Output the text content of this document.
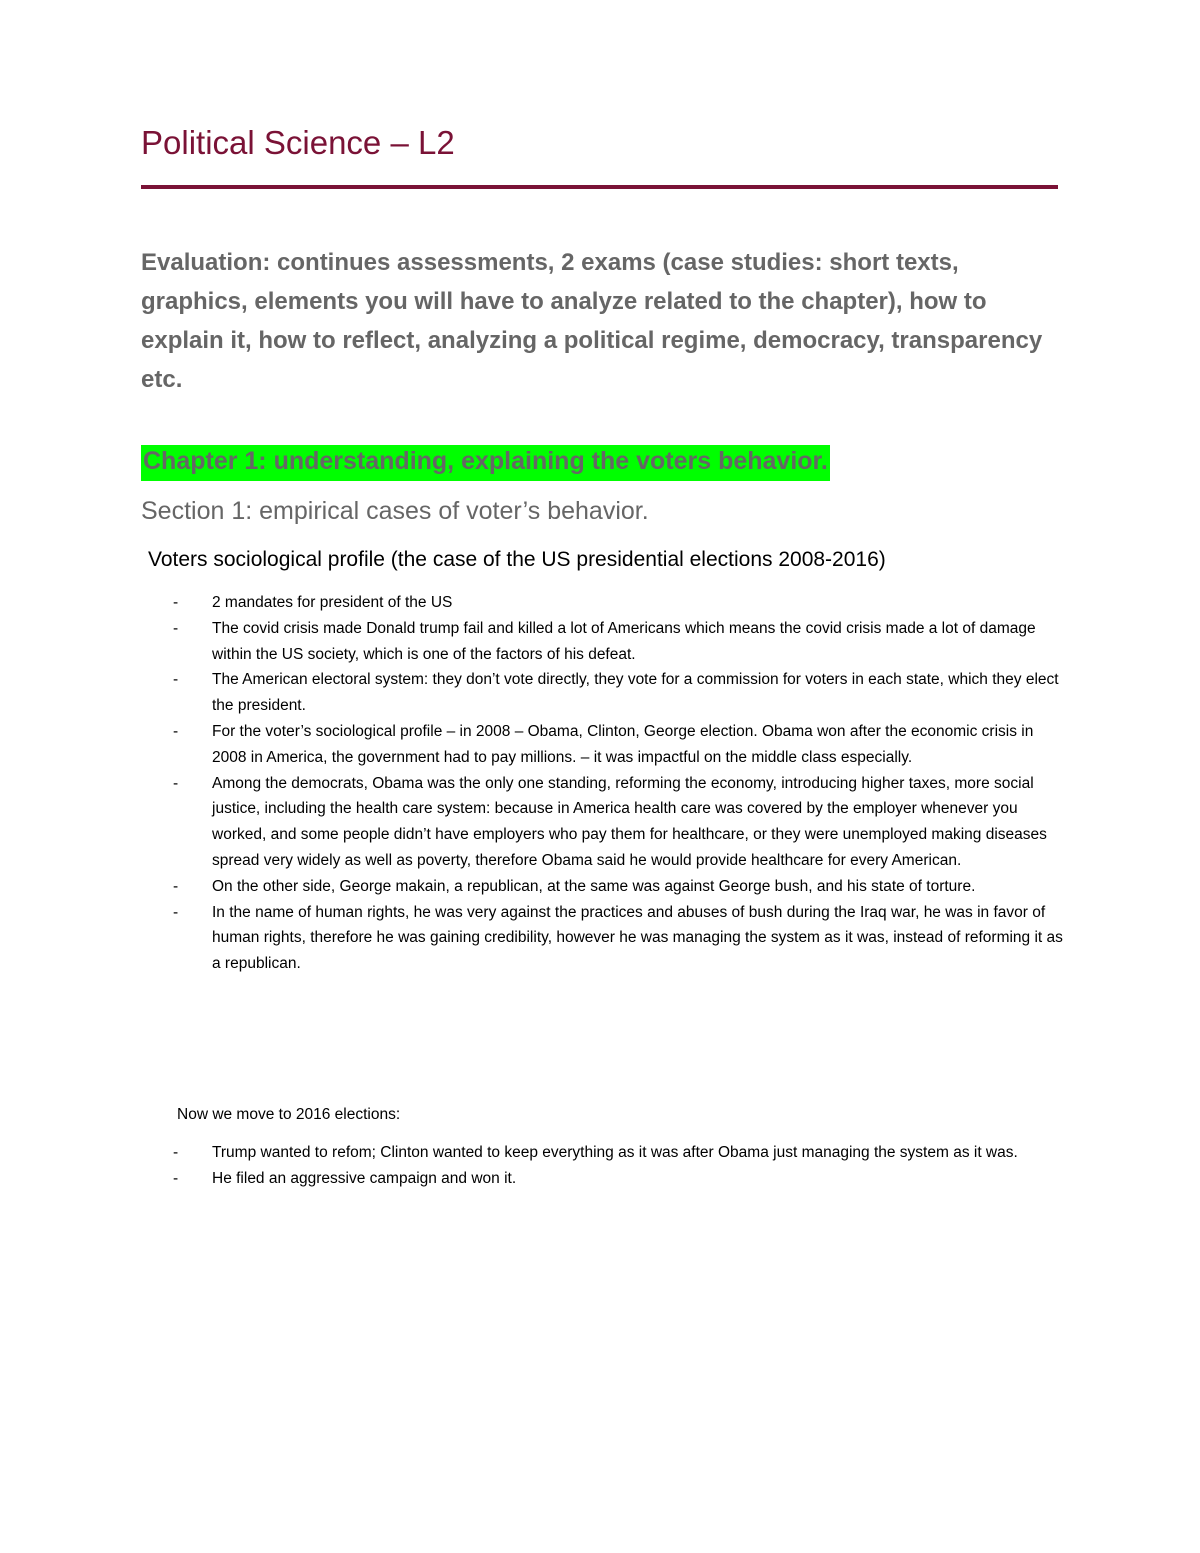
Political Science – L2
Evaluation: continues assessments, 2 exams (case studies: short texts, graphics, elements you will have to analyze related to the chapter), how to explain it, how to reflect, analyzing a political regime, democracy, transparency etc.
Chapter 1: understanding, explaining the voters behavior.
Section 1: empirical cases of voter’s behavior.
Voters sociological profile (the case of the US presidential elections 2008-2016)
- 2 mandates for president of the US
- The covid crisis made Donald trump fail and killed a lot of Americans which means the covid crisis made a lot of damage within the US society, which is one of the factors of his defeat.
- The American electoral system: they don’t vote directly, they vote for a commission for voters in each state, which they elect the president.
- For the voter’s sociological profile – in 2008 – Obama, Clinton, George election. Obama won after the economic crisis in 2008 in America, the government had to pay millions. – it was impactful on the middle class especially.
- Among the democrats, Obama was the only one standing, reforming the economy, introducing higher taxes, more social justice, including the health care system: because in America health care was covered by the employer whenever you worked, and some people didn’t have employers who pay them for healthcare, or they were unemployed making diseases spread very widely as well as poverty, therefore Obama said he would provide healthcare for every American.
- On the other side, George makain, a republican, at the same was against George bush, and his state of torture.
- In the name of human rights, he was very against the practices and abuses of bush during the Iraq war, he was in favor of human rights, therefore he was gaining credibility, however he was managing the system as it was, instead of reforming it as a republican.
Now we move to 2016 elections:
- Trump wanted to refom; Clinton wanted to keep everything as it was after Obama just managing the system as it was.
- He filed an aggressive campaign and won it.
